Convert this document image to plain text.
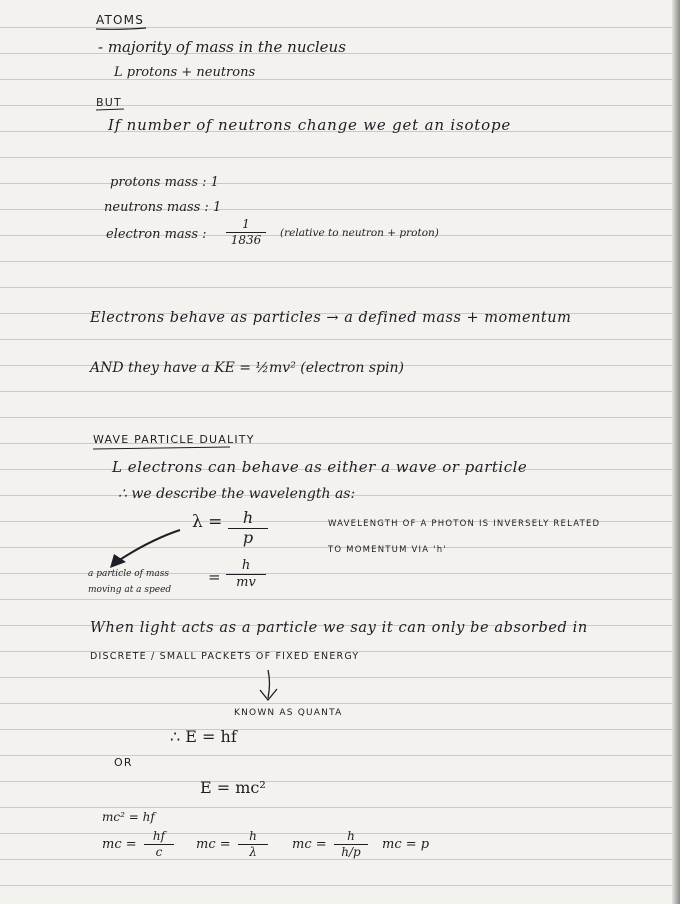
ATOMS
- majority of mass in the nucleus
L protons + neutrons
BUT
If number of neutrons change we get an isotope
protons mass : 1
neutrons mass : 1
electron mass :
1
1836	(relative to neutron + proton)
Electrons behave as particles → a defined mass + momentum
AND they have a KE = ½mv² (electron spin)
WAVE PARTICLE DUALITY
L electrons can behave as either a wave or particle
∴ we describe the wavelength as:
λ =	h
p
WAVELENGTH OF A PHOTON IS INVERSELY RELATED
TO MOMENTUM VIA 'h'
a particle of mass
moving at a speed
=
h
mv
When light acts as a particle we say it can only be absorbed in
DISCRETE / SMALL PACKETS OF FIXED ENERGY
KNOWN AS QUANTA
∴ E = hf
OR
E = mc²
mc² = hf
mc =
hf
c	mc =
h
λ	mc =
h
h/p	mc = p
